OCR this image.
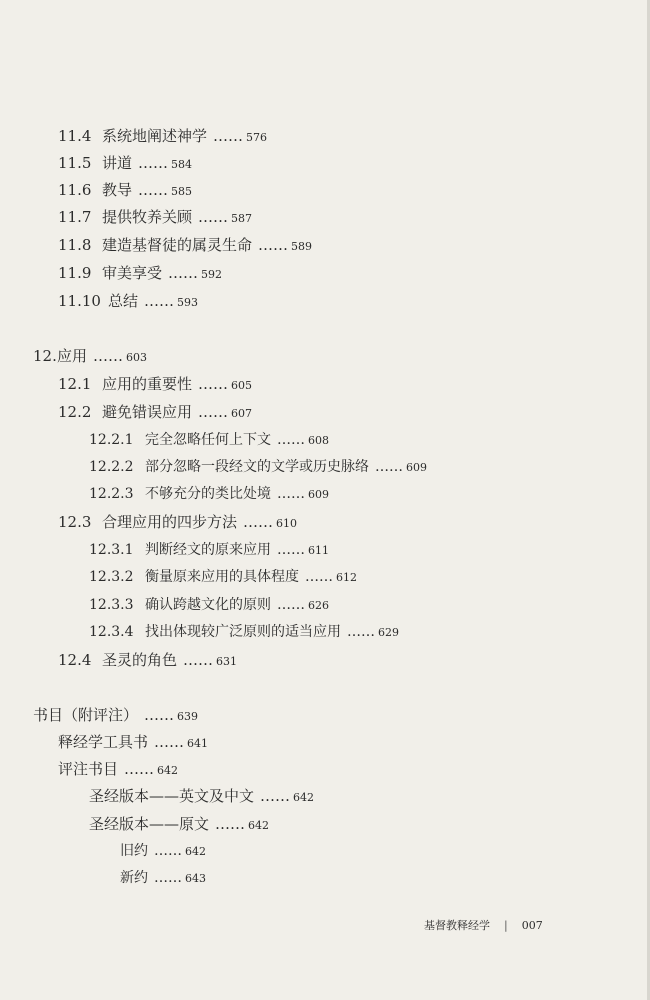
11.4 系统地阐述神学 …… 576
11.5 讲道 …… 584
11.6 教导 …… 585
11.7 提供牧养关顾 …… 587
11.8 建造基督徒的属灵生命 …… 589
11.9 审美享受 …… 592
11.10 总结 …… 593
12.应用 …… 603
12.1 应用的重要性 …… 605
12.2 避免错误应用 …… 607
12.2.1 完全忽略任何上下文 …… 608
12.2.2 部分忽略一段经文的文学或历史脉络 …… 609
12.2.3 不够充分的类比处境 …… 609
12.3 合理应用的四步方法 …… 610
12.3.1 判断经文的原来应用 …… 611
12.3.2 衡量原来应用的具体程度 …… 612
12.3.3 确认跨越文化的原则 …… 626
12.3.4 找出体现较广泛原则的适当应用 …… 629
12.4 圣灵的角色 …… 631
书目（附评注） …… 639
释经学工具书 …… 641
评注书目 …… 642
圣经版本——英文及中文 …… 642
圣经版本——原文 …… 642
旧约 …… 642
新约 …… 643
基督教释经学 | 007
